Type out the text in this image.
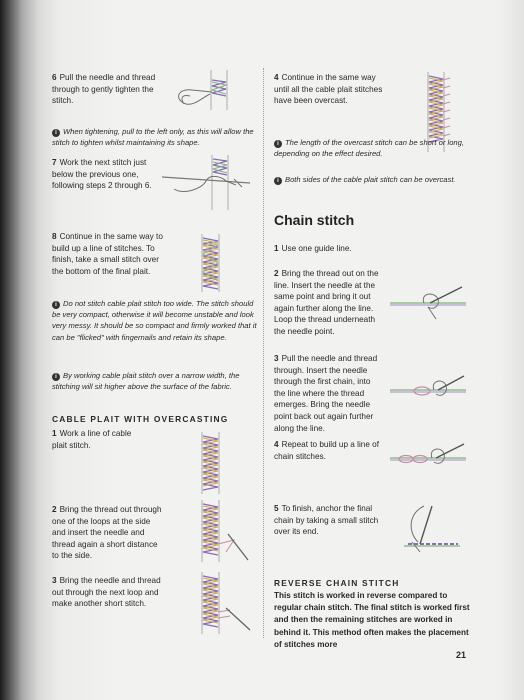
6 Pull the needle and thread through to gently tighten the stitch.

i When tightening, pull to the left only, as this will allow the stitch to tighten whilst maintaining its shape.

7 Work the next stitch just below the previous one, following steps 2 through 6.

8 Continue in the same way to build up a line of stitches. To finish, take a small stitch over the bottom of the final plait.

i Do not stitch cable plait stitch too wide. The stitch should be very compact, otherwise it will become unstable and look very messy. It should be so compact and firmly worked that it can be "flicked" with fingernails and retain its shape.

i By working cable plait stitch over a narrow width, the stitching will sit higher above the surface of the fabric.

CABLE PLAIT WITH OVERCASTING

1 Work a line of cable plait stitch.

2 Bring the thread out through one of the loops at the side and insert the needle and thread again a short distance to the side.

3 Bring the needle and thread out through the next loop and make another short stitch.

4 Continue in the same way until all the cable plait stitches have been overcast.

i The length of the overcast stitch can be short or long, depending on the effect desired.

i Both sides of the cable plait stitch can be overcast.

Chain stitch

1 Use one guide line.

2 Bring the thread out on the line. Insert the needle at the same point and bring it out again further along the line. Loop the thread underneath the needle point.

3 Pull the needle and thread through. Insert the needle through the first chain, into the line where the thread emerges. Bring the needle point back out again further along the line.

4 Repeat to build up a line of chain stitches.

5 To finish, anchor the final chain by taking a small stitch over its end.

REVERSE CHAIN STITCH

This stitch is worked in reverse compared to regular chain stitch. The final stitch is worked first and then the remaining stitches are worked in behind it. This method often makes the placement of stitches more

21
